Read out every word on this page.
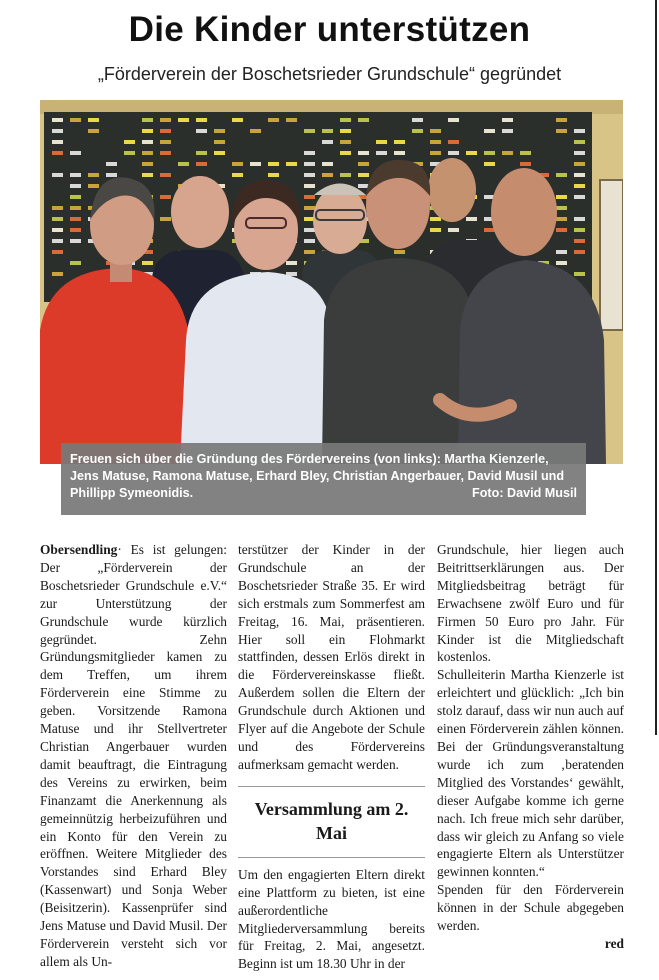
Die Kinder unterstützen
„Förderverein der Boschetsrieder Grundschule“ gegründet
Freuen sich über die Gründung des Fördervereins (von links): Martha Kienzerle, Jens Matuse, Ramona Matuse, Erhard Bley, Christian Angerbauer, David Musil und Phillipp Symeonidis.	Foto: David Musil

Obersendling· Es ist gelungen: Der „Förderverein der Boschetsrieder Grundschule e.V.“ zur Unterstützung der Grundschule wurde kürzlich gegründet. Zehn Gründungsmitglieder kamen zu dem Treffen, um ihrem Förderverein eine Stimme zu geben. Vorsitzende Ramona Matuse und ihr Stellvertreter Christian Angerbauer wurden damit beauftragt, die Eintragung des Vereins zu erwirken, beim Finanzamt die Anerkennung als gemeinnützig herbeizuführen und ein Konto für den Verein zu eröffnen. Weitere Mitglieder des Vorstandes sind Erhard Bley (Kassenwart) und Sonja Weber (Beisitzerin). Kassenprüfer sind Jens Matuse und David Musil. Der Förderverein versteht sich vor allem als Un-

terstützer der Kinder in der Grundschule an der Boschetsrieder Straße 35. Er wird sich erstmals zum Sommerfest am Freitag, 16. Mai, präsentieren. Hier soll ein Flohmarkt stattfinden, dessen Erlös direkt in die Fördervereinskasse fließt. Außerdem sollen die Eltern der Grundschule durch Aktionen und Flyer auf die Angebote der Schule und des Fördervereins aufmerksam gemacht werden.

Versammlung am 2. Mai

Um den engagierten Eltern direkt eine Plattform zu bieten, ist eine außerordentliche Mitgliederversammlung bereits für Freitag, 2. Mai, angesetzt. Beginn ist um 18.30 Uhr in der

Grundschule, hier liegen auch Beitrittserklärungen aus. Der Mitgliedsbeitrag beträgt für Erwachsene zwölf Euro und für Firmen 50 Euro pro Jahr. Für Kinder ist die Mitgliedschaft kostenlos.

Schulleiterin Martha Kienzerle ist erleichtert und glücklich: „Ich bin stolz darauf, dass wir nun auch auf einen Förderverein zählen können. Bei der Gründungsveranstaltung wurde ich zum ‚beratenden Mitglied des Vorstandes‘ gewählt, dieser Aufgabe komme ich gerne nach. Ich freue mich sehr darüber, dass wir gleich zu Anfang so viele engagierte Eltern als Unterstützer gewinnen konnten.“

Spenden für den Förderverein können in der Schule abgegeben werden.

red
